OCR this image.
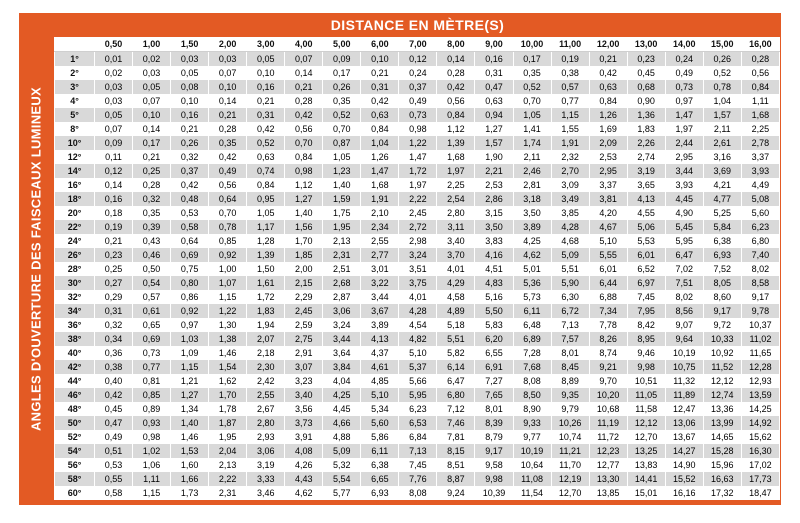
ANGLES D'OUVERTURE DES FAISCEAUX LUMINEUX
DISTANCE EN MÈTRE(S)
	0,50	1,00	1,50	2,00	3,00	4,00	5,00	6,00	7,00	8,00	9,00	10,00	11,00	12,00	13,00	14,00	15,00	16,00
1°	0,01	0,02	0,03	0,03	0,05	0,07	0,09	0,10	0,12	0,14	0,16	0,17	0,19	0,21	0,23	0,24	0,26	0,28
2°	0,02	0,03	0,05	0,07	0,10	0,14	0,17	0,21	0,24	0,28	0,31	0,35	0,38	0,42	0,45	0,49	0,52	0,56
3°	0,03	0,05	0,08	0,10	0,16	0,21	0,26	0,31	0,37	0,42	0,47	0,52	0,57	0,63	0,68	0,73	0,78	0,84
4°	0,03	0,07	0,10	0,14	0,21	0,28	0,35	0,42	0,49	0,56	0,63	0,70	0,77	0,84	0,90	0,97	1,04	1,11
5°	0,05	0,10	0,16	0,21	0,31	0,42	0,52	0,63	0,73	0,84	0,94	1,05	1,15	1,26	1,36	1,47	1,57	1,68
8°	0,07	0,14	0,21	0,28	0,42	0,56	0,70	0,84	0,98	1,12	1,27	1,41	1,55	1,69	1,83	1,97	2,11	2,25
10°	0,09	0,17	0,26	0,35	0,52	0,70	0,87	1,04	1,22	1,39	1,57	1,74	1,91	2,09	2,26	2,44	2,61	2,78
12°	0,11	0,21	0,32	0,42	0,63	0,84	1,05	1,26	1,47	1,68	1,90	2,11	2,32	2,53	2,74	2,95	3,16	3,37
14°	0,12	0,25	0,37	0,49	0,74	0,98	1,23	1,47	1,72	1,97	2,21	2,46	2,70	2,95	3,19	3,44	3,69	3,93
16°	0,14	0,28	0,42	0,56	0,84	1,12	1,40	1,68	1,97	2,25	2,53	2,81	3,09	3,37	3,65	3,93	4,21	4,49
18°	0,16	0,32	0,48	0,64	0,95	1,27	1,59	1,91	2,22	2,54	2,86	3,18	3,49	3,81	4,13	4,45	4,77	5,08
20°	0,18	0,35	0,53	0,70	1,05	1,40	1,75	2,10	2,45	2,80	3,15	3,50	3,85	4,20	4,55	4,90	5,25	5,60
22°	0,19	0,39	0,58	0,78	1,17	1,56	1,95	2,34	2,72	3,11	3,50	3,89	4,28	4,67	5,06	5,45	5,84	6,23
24°	0,21	0,43	0,64	0,85	1,28	1,70	2,13	2,55	2,98	3,40	3,83	4,25	4,68	5,10	5,53	5,95	6,38	6,80
26°	0,23	0,46	0,69	0,92	1,39	1,85	2,31	2,77	3,24	3,70	4,16	4,62	5,09	5,55	6,01	6,47	6,93	7,40
28°	0,25	0,50	0,75	1,00	1,50	2,00	2,51	3,01	3,51	4,01	4,51	5,01	5,51	6,01	6,52	7,02	7,52	8,02
30°	0,27	0,54	0,80	1,07	1,61	2,15	2,68	3,22	3,75	4,29	4,83	5,36	5,90	6,44	6,97	7,51	8,05	8,58
32°	0,29	0,57	0,86	1,15	1,72	2,29	2,87	3,44	4,01	4,58	5,16	5,73	6,30	6,88	7,45	8,02	8,60	9,17
34°	0,31	0,61	0,92	1,22	1,83	2,45	3,06	3,67	4,28	4,89	5,50	6,11	6,72	7,34	7,95	8,56	9,17	9,78
36°	0,32	0,65	0,97	1,30	1,94	2,59	3,24	3,89	4,54	5,18	5,83	6,48	7,13	7,78	8,42	9,07	9,72	10,37
38°	0,34	0,69	1,03	1,38	2,07	2,75	3,44	4,13	4,82	5,51	6,20	6,89	7,57	8,26	8,95	9,64	10,33	11,02
40°	0,36	0,73	1,09	1,46	2,18	2,91	3,64	4,37	5,10	5,82	6,55	7,28	8,01	8,74	9,46	10,19	10,92	11,65
42°	0,38	0,77	1,15	1,54	2,30	3,07	3,84	4,61	5,37	6,14	6,91	7,68	8,45	9,21	9,98	10,75	11,52	12,28
44°	0,40	0,81	1,21	1,62	2,42	3,23	4,04	4,85	5,66	6,47	7,27	8,08	8,89	9,70	10,51	11,32	12,12	12,93
46°	0,42	0,85	1,27	1,70	2,55	3,40	4,25	5,10	5,95	6,80	7,65	8,50	9,35	10,20	11,05	11,89	12,74	13,59
48°	0,45	0,89	1,34	1,78	2,67	3,56	4,45	5,34	6,23	7,12	8,01	8,90	9,79	10,68	11,58	12,47	13,36	14,25
50°	0,47	0,93	1,40	1,87	2,80	3,73	4,66	5,60	6,53	7,46	8,39	9,33	10,26	11,19	12,12	13,06	13,99	14,92
52°	0,49	0,98	1,46	1,95	2,93	3,91	4,88	5,86	6,84	7,81	8,79	9,77	10,74	11,72	12,70	13,67	14,65	15,62
54°	0,51	1,02	1,53	2,04	3,06	4,08	5,09	6,11	7,13	8,15	9,17	10,19	11,21	12,23	13,25	14,27	15,28	16,30
56°	0,53	1,06	1,60	2,13	3,19	4,26	5,32	6,38	7,45	8,51	9,58	10,64	11,70	12,77	13,83	14,90	15,96	17,02
58°	0,55	1,11	1,66	2,22	3,33	4,43	5,54	6,65	7,76	8,87	9,98	11,08	12,19	13,30	14,41	15,52	16,63	17,73
60°	0,58	1,15	1,73	2,31	3,46	4,62	5,77	6,93	8,08	9,24	10,39	11,54	12,70	13,85	15,01	16,16	17,32	18,47
